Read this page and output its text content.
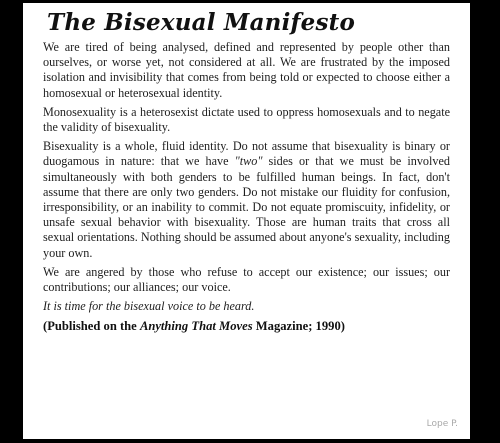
The Bisexual Manifesto

We are tired of being analysed, defined and represented by people other than ourselves, or worse yet, not considered at all. We are frustrated by the imposed isolation and invisibility that comes from being told or expected to choose either a homosexual or heterosexual identity.

Monosexuality is a heterosexist dictate used to oppress homosexuals and to negate the validity of bisexuality.

Bisexuality is a whole, fluid identity. Do not assume that bisexuality is binary or duogamous in nature: that we have "two" sides or that we must be involved simultaneously with both genders to be fulfilled human beings. In fact, don't assume that there are only two genders. Do not mistake our fluidity for confusion, irresponsibility, or an inability to commit. Do not equate promiscuity, infidelity, or unsafe sexual behavior with bisexuality. Those are human traits that cross all sexual orientations. Nothing should be assumed about anyone's sexuality, including your own.

We are angered by those who refuse to accept our existence; our issues; our contributions; our alliances; our voice.

It is time for the bisexual voice to be heard.

(Published on the Anything That Moves Magazine; 1990)

Lope P.
